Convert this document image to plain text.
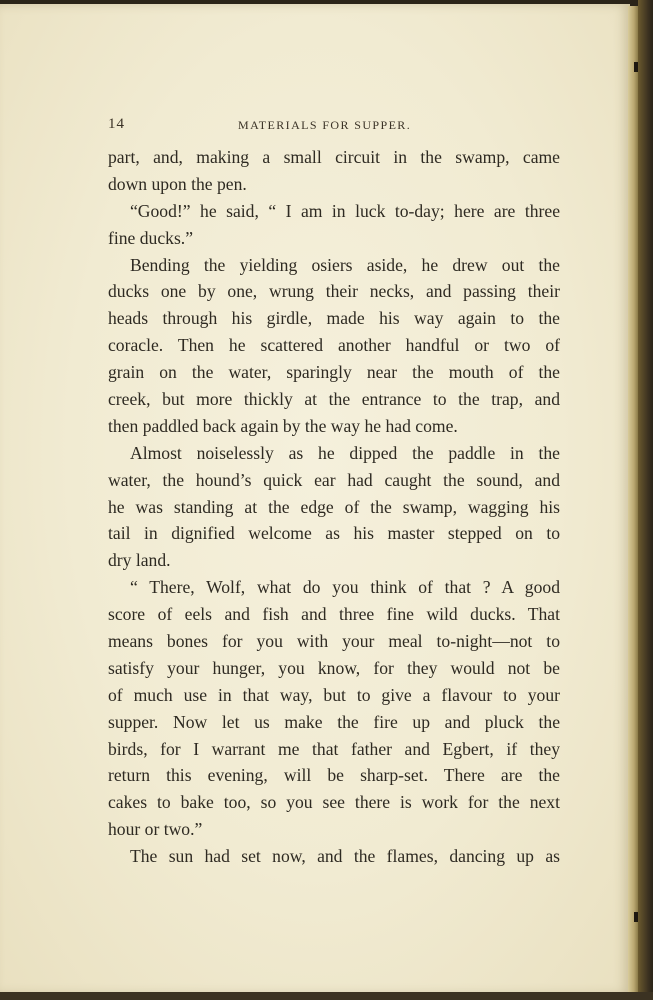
14	MATERIALS FOR SUPPER.
part, and, making a small circuit in the swamp, came
down upon the pen.
“Good!” he said, “ I am in luck to-day; here are three
fine ducks.”
Bending the yielding osiers aside, he drew out the
ducks one by one, wrung their necks, and passing their
heads through his girdle, made his way again to the
coracle. Then he scattered another handful or two of
grain on the water, sparingly near the mouth of the
creek, but more thickly at the entrance to the trap, and
then paddled back again by the way he had come.
Almost noiselessly as he dipped the paddle in the
water, the hound’s quick ear had caught the sound, and
he was standing at the edge of the swamp, wagging his
tail in dignified welcome as his master stepped on to
dry land.
“ There, Wolf, what do you think of that ? A good
score of eels and fish and three fine wild ducks. That
means bones for you with your meal to-night—not to
satisfy your hunger, you know, for they would not be
of much use in that way, but to give a flavour to your
supper. Now let us make the fire up and pluck the
birds, for I warrant me that father and Egbert, if they
return this evening, will be sharp-set. There are the
cakes to bake too, so you see there is work for the next
hour or two.”
The sun had set now, and the flames, dancing up as
